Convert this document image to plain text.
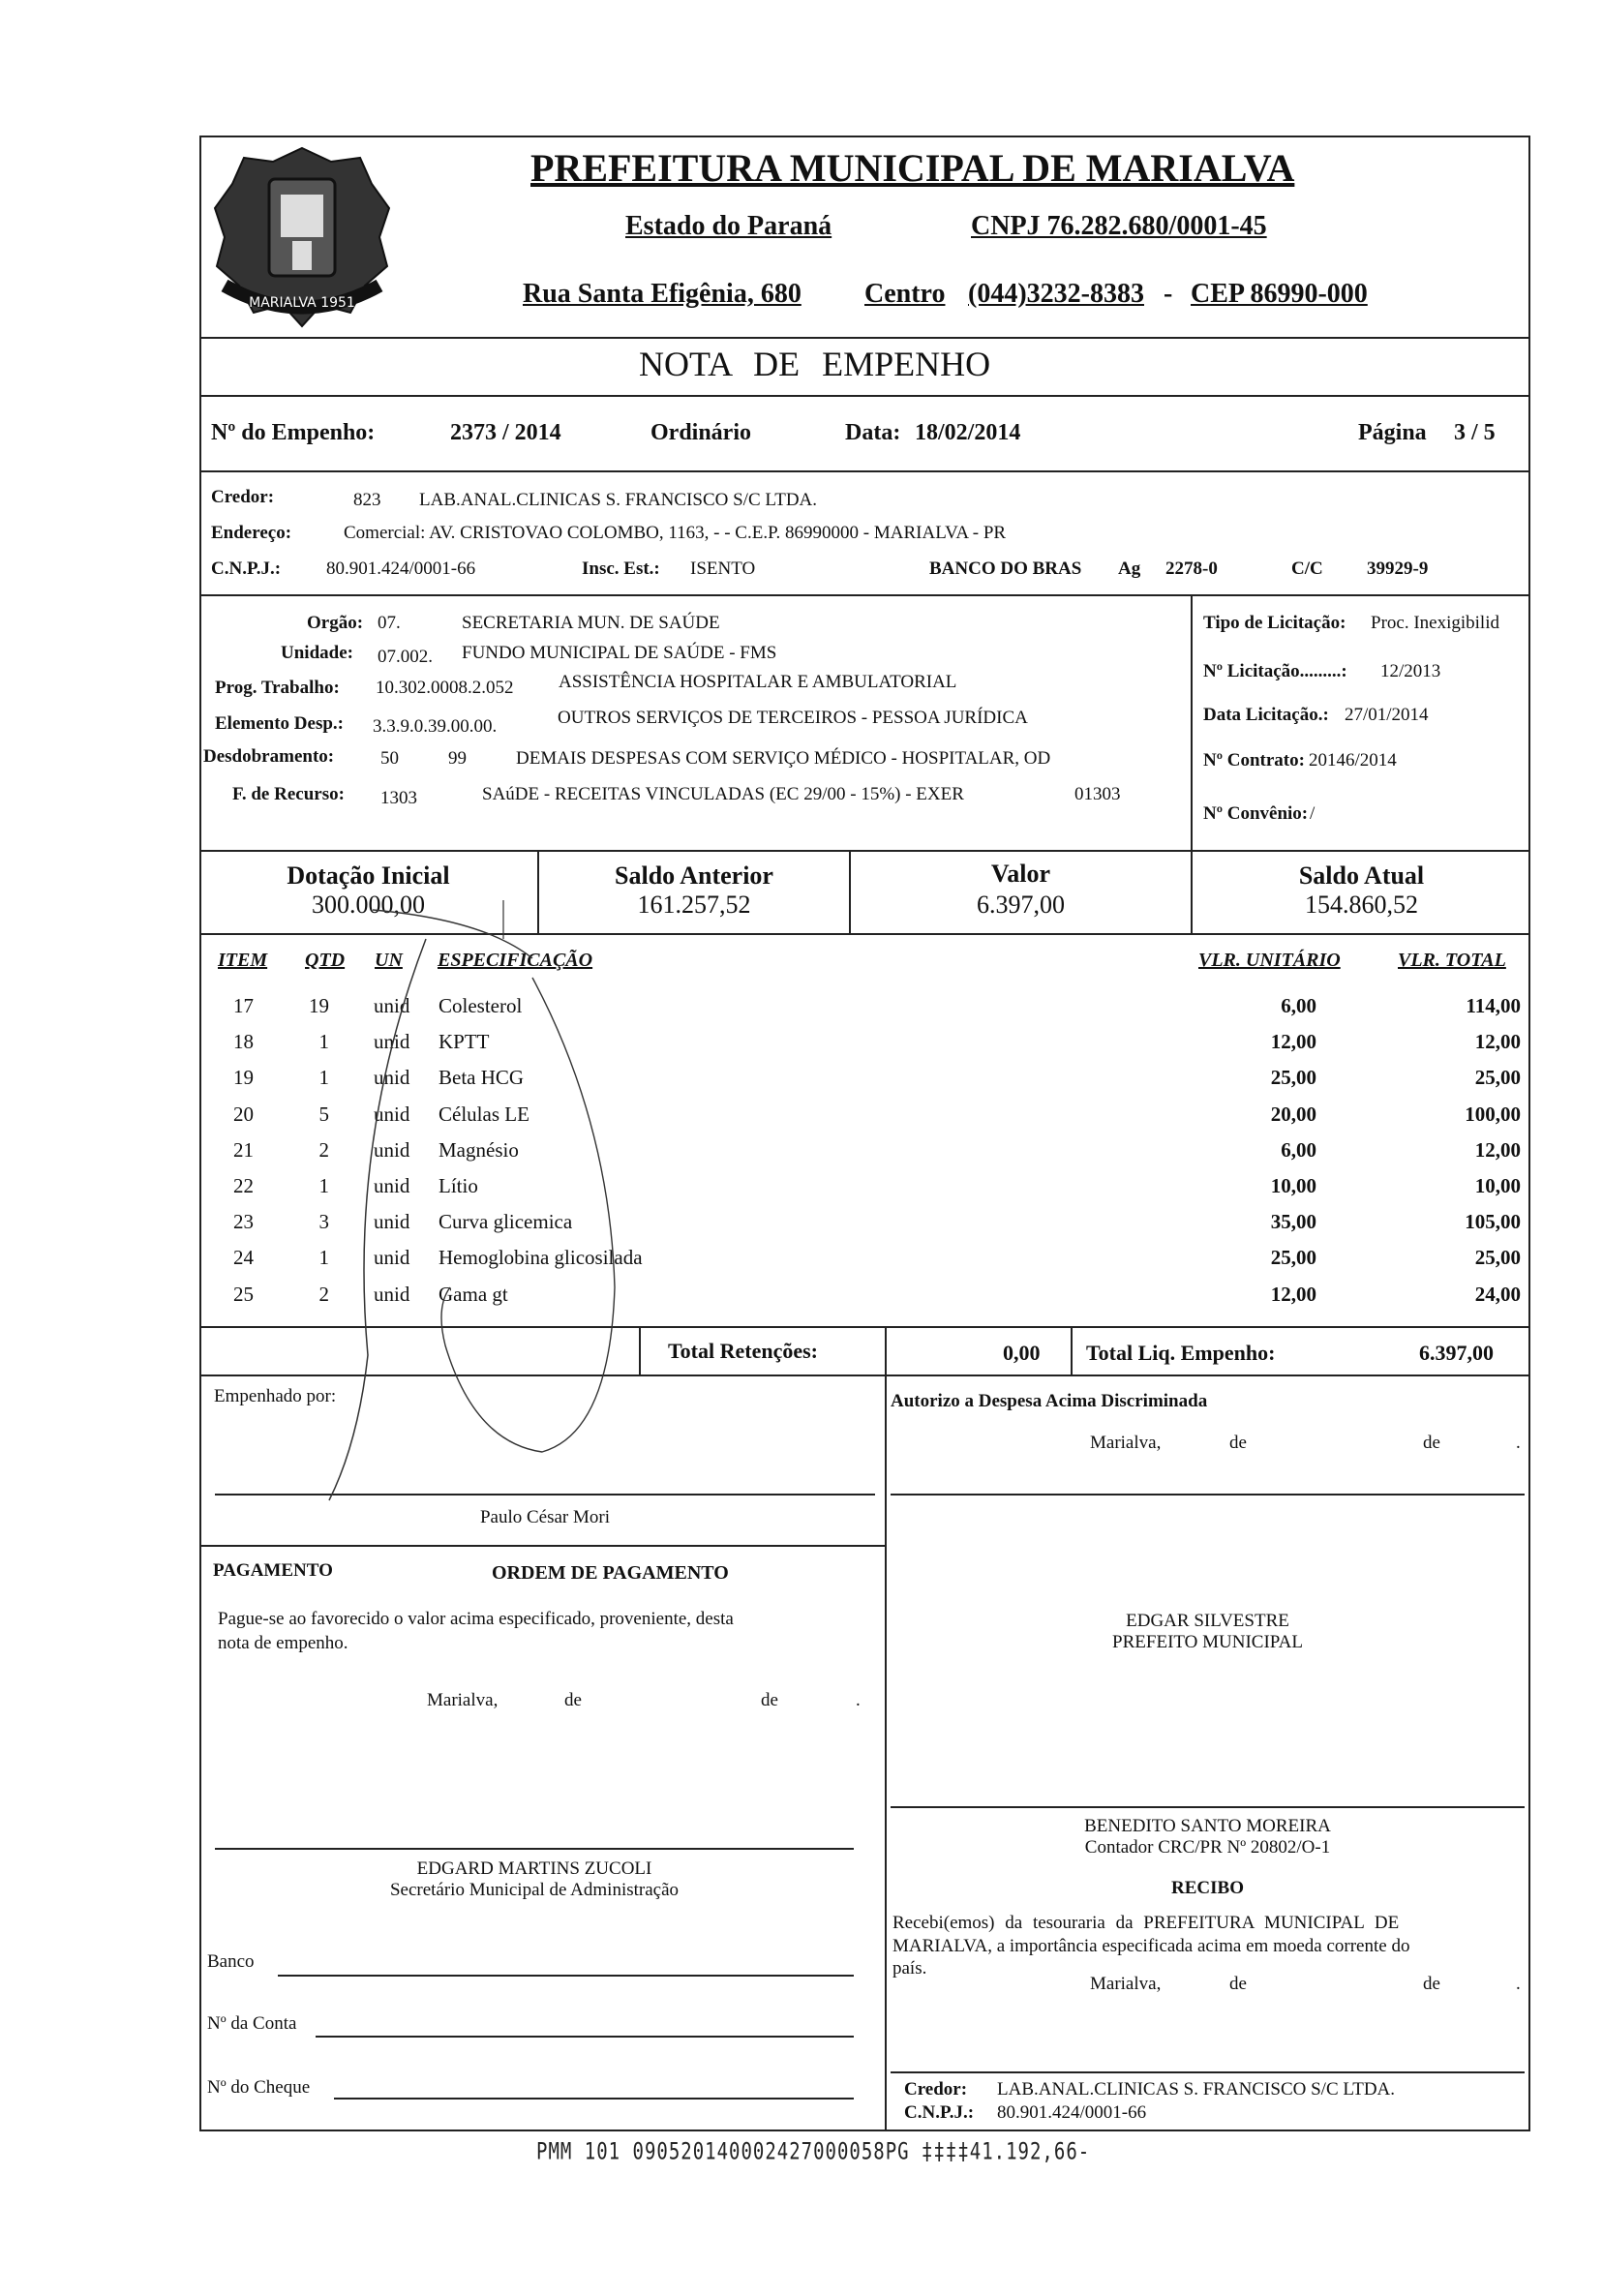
MARIALVA 1951
PREFEITURA MUNICIPAL DE MARIALVA
Estado do Paraná	CNPJ 76.282.680/0001-45
Rua Santa Efigênia, 680 Centro (044)3232-8383 - CEP 86990-000
NOTA DE EMPENHO
Nº do Empenho:	2373 / 2014	Ordinário	Data: 18/02/2014	Página 3 / 5
Credor:	823 LAB.ANAL.CLINICAS S. FRANCISCO S/C LTDA.
Endereço:	Comercial: AV. CRISTOVAO COLOMBO, 1163, - - C.E.P. 86990000 - MARIALVA - PR
C.N.P.J.: 80.901.424/0001-66	Insc. Est.: ISENTO	BANCO DO BRAS Ag 2278-0	C/C 39929-9
Orgão: 07.	SECRETARIA MUN. DE SAÚDE
Unidade: 07.002. FUNDO MUNICIPAL DE SAÚDE - FMS
Prog. Trabalho: 10.302.0008.2.052 ASSISTÊNCIA HOSPITALAR E AMBULATORIAL
Elemento Desp.: 3.3.9.0.39.00.00.	OUTROS SERVIÇOS DE TERCEIROS - PESSOA JURÍDICA
Desdobramento:	50	99	DEMAIS DESPESAS COM SERVIÇO MÉDICO - HOSPITALAR, OD
F. de Recurso: 1303	SAúDE - RECEITAS VINCULADAS (EC 29/00 - 15%) - EXER	01303
Tipo de Licitação: Proc. Inexigibilid
Nº Licitação.........: 12/2013
Data Licitação.: 27/01/2014
Nº Contrato: 20146/2014
Nº Convênio: /
Dotação Inicial
300.000,00
Saldo Anterior
161.257,52
Valor
6.397,00
Saldo Atual
154.860,52
ITEM QTD UN ESPECIFICAÇÃO	VLR. UNITÁRIO	VLR. TOTAL
17	19 unid	Colesterol	6,00	114,00
18	1 unid	KPTT	12,00	12,00
19	1 unid	Beta HCG	25,00	25,00
20	5 unid	Células LE	20,00	100,00
21	2 unid	Magnésio	6,00	12,00
22	1 unid	Lítio	10,00	10,00
23	3 unid	Curva glicemica	35,00	105,00
24	1 unid	Hemoglobina glicosilada	25,00	25,00
25	2 unid	Gama gt	12,00	24,00
Total Retenções:	0,00 Total Liq. Empenho:	6.397,00
Empenhado por:
Paulo César Mori
Autorizo a Despesa Acima Discriminada
Marialva,	de	de	.
PAGAMENTO	ORDEM DE PAGAMENTO
Pague-se ao favorecido o valor acima especificado, proveniente, desta
nota de empenho.
Marialva,	de	de	.
EDGARD MARTINS ZUCOLI
Secretário Municipal de Administração
Banco
Nº da Conta
Nº do Cheque
EDGAR SILVESTRE
PREFEITO MUNICIPAL
BENEDITO SANTO MOREIRA
Contador CRC/PR Nº 20802/O-1
RECIBO
Recebi(emos) da tesouraria da PREFEITURA MUNICIPAL DE
MARIALVA, a importância especificada acima em moeda corrente do
país.
Marialva,	de	de	.
Credor: LAB.ANAL.CLINICAS S. FRANCISCO S/C LTDA.
C.N.P.J.: 80.901.424/0001-66
PMM 101 090520140002427000058PG ‡‡‡‡41.192,66-
